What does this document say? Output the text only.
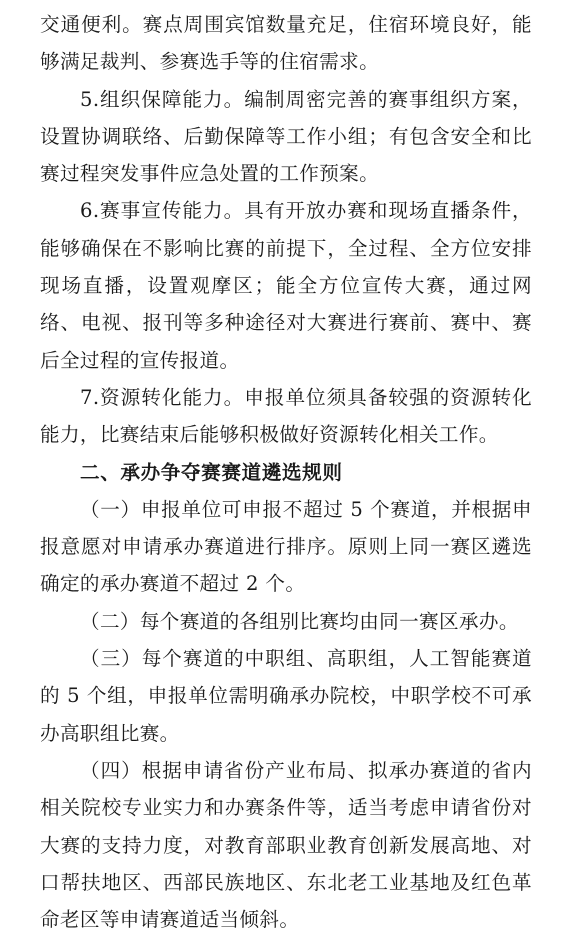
交通便利。赛点周围宾馆数量充足，住宿环境良好，能够满足裁判、参赛选手等的住宿需求。

5.组织保障能力。编制周密完善的赛事组织方案，设置协调联络、后勤保障等工作小组；有包含安全和比赛过程突发事件应急处置的工作预案。

6.赛事宣传能力。具有开放办赛和现场直播条件，能够确保在不影响比赛的前提下，全过程、全方位安排现场直播，设置观摩区；能全方位宣传大赛，通过网络、电视、报刊等多种途径对大赛进行赛前、赛中、赛后全过程的宣传报道。

7.资源转化能力。申报单位须具备较强的资源转化能力，比赛结束后能够积极做好资源转化相关工作。

二、承办争夺赛赛道遴选规则

（一）申报单位可申报不超过 5 个赛道，并根据申报意愿对申请承办赛道进行排序。原则上同一赛区遴选确定的承办赛道不超过 2 个。

（二）每个赛道的各组别比赛均由同一赛区承办。

（三）每个赛道的中职组、高职组，人工智能赛道的 5 个组，申报单位需明确承办院校，中职学校不可承办高职组比赛。

（四）根据申请省份产业布局、拟承办赛道的省内相关院校专业实力和办赛条件等，适当考虑申请省份对大赛的支持力度，对教育部职业教育创新发展高地、对口帮扶地区、西部民族地区、东北老工业基地及红色革命老区等申请赛道适当倾斜。
